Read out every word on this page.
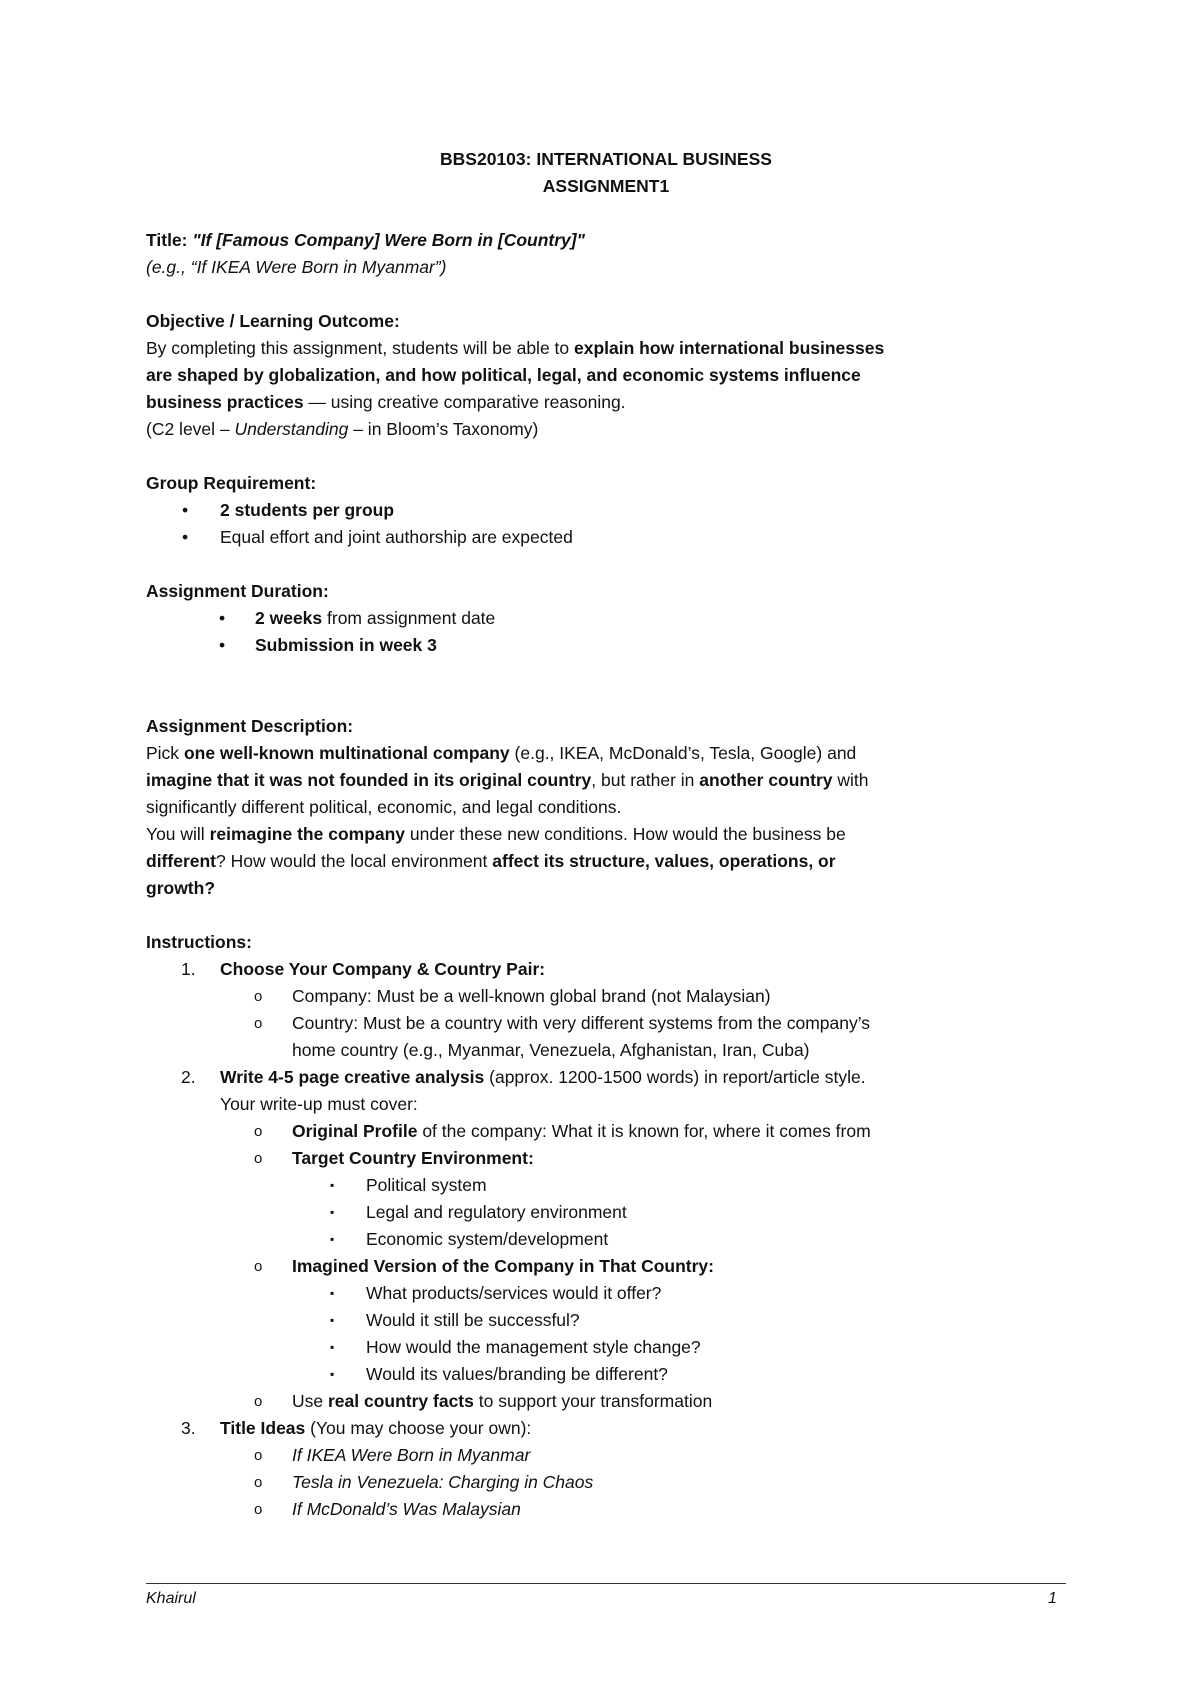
BBS20103: INTERNATIONAL BUSINESS
ASSIGNMENT1
Title: "If [Famous Company] Were Born in [Country]"
(e.g., “If IKEA Were Born in Myanmar”)
Objective / Learning Outcome:
By completing this assignment, students will be able to explain how international businesses
are shaped by globalization, and how political, legal, and economic systems influence
business practices — using creative comparative reasoning.
(C2 level – Understanding – in Bloom’s Taxonomy)
Group Requirement:
• 2 students per group
• Equal effort and joint authorship are expected
Assignment Duration:
• 2 weeks from assignment date
• Submission in week 3
Assignment Description:
Pick one well-known multinational company (e.g., IKEA, McDonald’s, Tesla, Google) and
imagine that it was not founded in its original country, but rather in another country with
significantly different political, economic, and legal conditions.
You will reimagine the company under these new conditions. How would the business be
different? How would the local environment affect its structure, values, operations, or
growth?
Instructions:
1. Choose Your Company & Country Pair:
o Company: Must be a well-known global brand (not Malaysian)
o Country: Must be a country with very different systems from the company’s
home country (e.g., Myanmar, Venezuela, Afghanistan, Iran, Cuba)
2. Write 4-5 page creative analysis (approx. 1200-1500 words) in report/article style.
Your write-up must cover:
o Original Profile of the company: What it is known for, where it comes from
o Target Country Environment:
▪ Political system
▪ Legal and regulatory environment
▪ Economic system/development
o Imagined Version of the Company in That Country:
▪ What products/services would it offer?
▪ Would it still be successful?
▪ How would the management style change?
▪ Would its values/branding be different?
o Use real country facts to support your transformation
3. Title Ideas (You may choose your own):
o If IKEA Were Born in Myanmar
o Tesla in Venezuela: Charging in Chaos
o If McDonald’s Was Malaysian
Khairul	1
